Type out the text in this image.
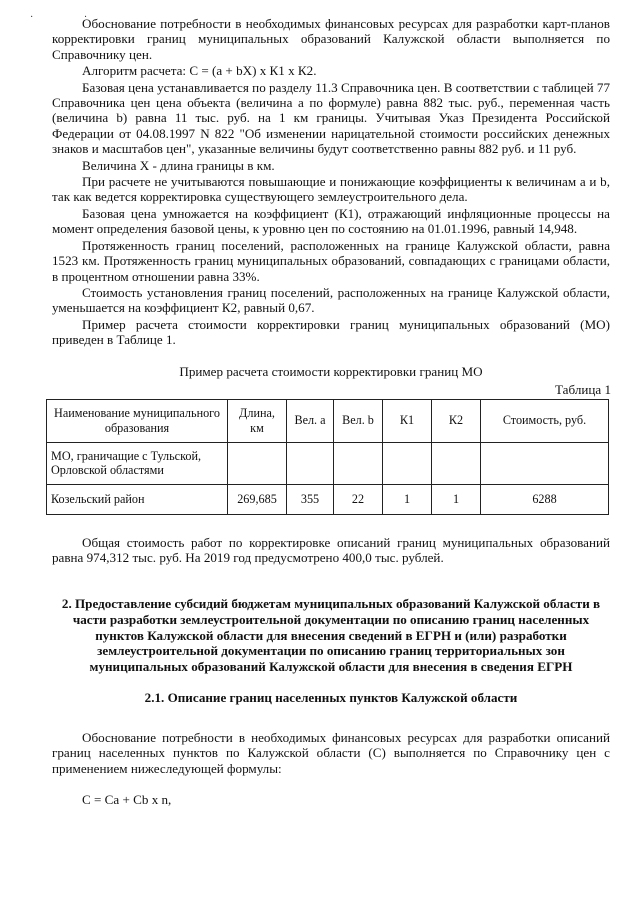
· ·

Обоснование потребности в необходимых финансовых ресурсах для разработки карт-планов корректировки границ муниципальных образований Калужской области выполняется по Справочнику цен.

Алгоритм расчета: С = (а + bX) х К1 х К2.

Базовая цена устанавливается по разделу 11.3 Справочника цен. В соответствии с таблицей 77 Справочника цен цена объекта (величина а по формуле) равна 882 тыс. руб., переменная часть (величина b) равна 11 тыс. руб. на 1 км границы. Учитывая Указ Президента Российской Федерации от 04.08.1997 N 822 "Об изменении нарицательной стоимости российских денежных знаков и масштабов цен", указанные величины будут соответственно равны 882 руб. и 11 руб.

Величина X - длина границы в км.

При расчете не учитываются повышающие и понижающие коэффициенты к величинам а и b, так как ведется корректировка существующего землеустроительного дела.

Базовая цена умножается на коэффициент (К1), отражающий инфляционные процессы на момент определения базовой цены, к уровню цен по состоянию на 01.01.1996, равный 14,948.

Протяженность границ поселений, расположенных на границе Калужской области, равна 1523 км. Протяженность границ муниципальных образований, совпадающих с границами области, в процентном отношении равна 33%.

Стоимость установления границ поселений, расположенных на границе Калужской области, уменьшается на коэффициент К2, равный 0,67.

Пример расчета стоимости корректировки границ муниципальных образований (МО) приведен в Таблице 1.

Пример расчета стоимости корректировки границ МО
Таблица 1
Наименование муниципального образования	Длина, км	Вел. а	Вел. b	К1	К2	Стоимость, руб.
МО, граничащие с Тульской, Орловской областями						
Козельский район	269,685	355	22	1	1	6288

Общая стоимость работ по корректировке описаний границ муниципальных образований равна 974,312 тыс. руб. На 2019 год предусмотрено 400,0 тыс. рублей.

2. Предоставление субсидий бюджетам муниципальных образований Калужской области в части разработки землеустроительной документации по описанию границ населенных пунктов Калужской области для внесения сведений в ЕГРН и (или) разработки землеустроительной документации по описанию границ территориальных зон муниципальных образований Калужской области для внесения в сведения ЕГРН
2.1. Описание границ населенных пунктов Калужской области

Обоснование потребности в необходимых финансовых ресурсах для разработки описаний границ населенных пунктов по Калужской области (С) выполняется по Справочнику цен с применением нижеследующей формулы:

С = Са + Сb х n,
